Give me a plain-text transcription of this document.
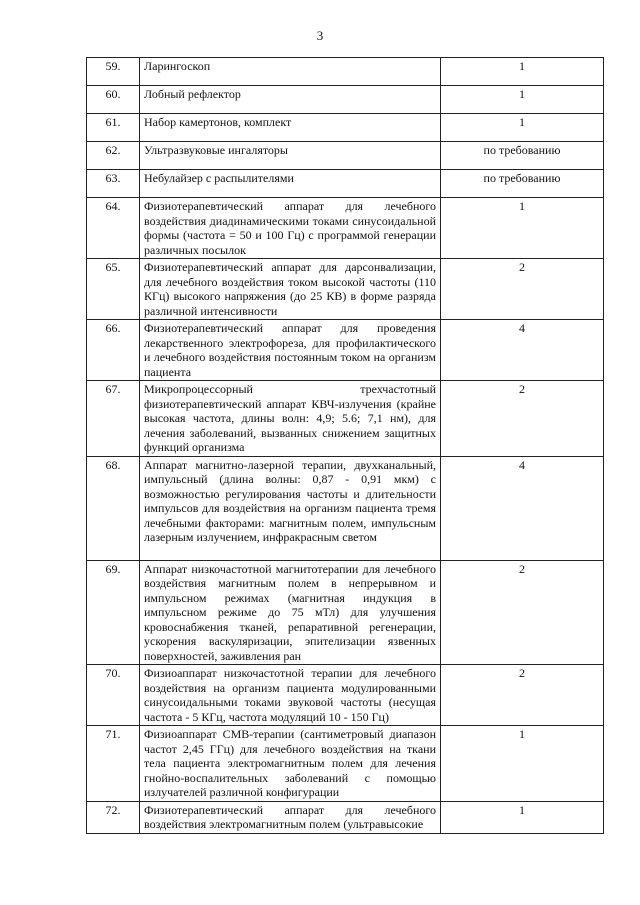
3
59.	Ларингоскоп	1
60.	Лобный рефлектор	1
61.	Набор камертонов, комплект	1
62.	Ультразвуковые ингаляторы	по требованию
63.	Небулайзер с распылителями	по требованию
64.	Физиотерапевтический аппарат для лечебного воздействия диадинамическими токами синусоидальной формы (частота = 50 и 100 Гц) с программой генерации различных посылок	1
65.	Физиотерапевтический аппарат для дарсонвализации, для лечебного воздействия током высокой частоты (110 КГц) высокого напряжения (до 25 КВ) в форме разряда различной интенсивности	2
66.	Физиотерапевтический аппарат для проведения лекарственного электрофореза, для профилактического и лечебного воздействия постоянным током на организм пациента	4
67.	Микропроцессорный трехчастотный физиотерапевтический аппарат КВЧ-излучения (крайне высокая частота, длины волн: 4,9; 5.6; 7,1 нм), для лечения заболеваний, вызванных снижением защитных функций организма	2
68.	Аппарат магнитно-лазерной терапии, двухканальный, импульсный (длина волны: 0,87 - 0,91 мкм) с возможностью регулирования частоты и длительности импульсов для воздействия на организм пациента тремя лечебными факторами: магнитным полем, импульсным лазерным излучением, инфракрасным светом	4
69.	Аппарат низкочастотной магнитотерапии для лечебного воздействия магнитным полем в непрерывном и импульсном режимах (магнитная индукция в импульсном режиме до 75 мТл) для улучшения кровоснабжения тканей, репаративной регенерации, ускорения васкуляризации, эпителизации язвенных поверхностей, заживления ран	2
70.	Физиоаппарат низкочастотной терапии для лечебного воздействия на организм пациента модулированными синусоидальными токами звуковой частоты (несущая частота - 5 КГц, частота модуляций 10 - 150 Гц)	2
71.	Физиоаппарат СМВ-терапии (сантиметровый диапазон частот 2,45 ГГц) для лечебного воздействия на ткани тела пациента электромагнитным полем для лечения гнойно-воспалительных заболеваний с помощью излучателей различной конфигурации	1
72.	Физиотерапевтический аппарат для лечебного воздействия электромагнитным полем (ультравысокие	1
